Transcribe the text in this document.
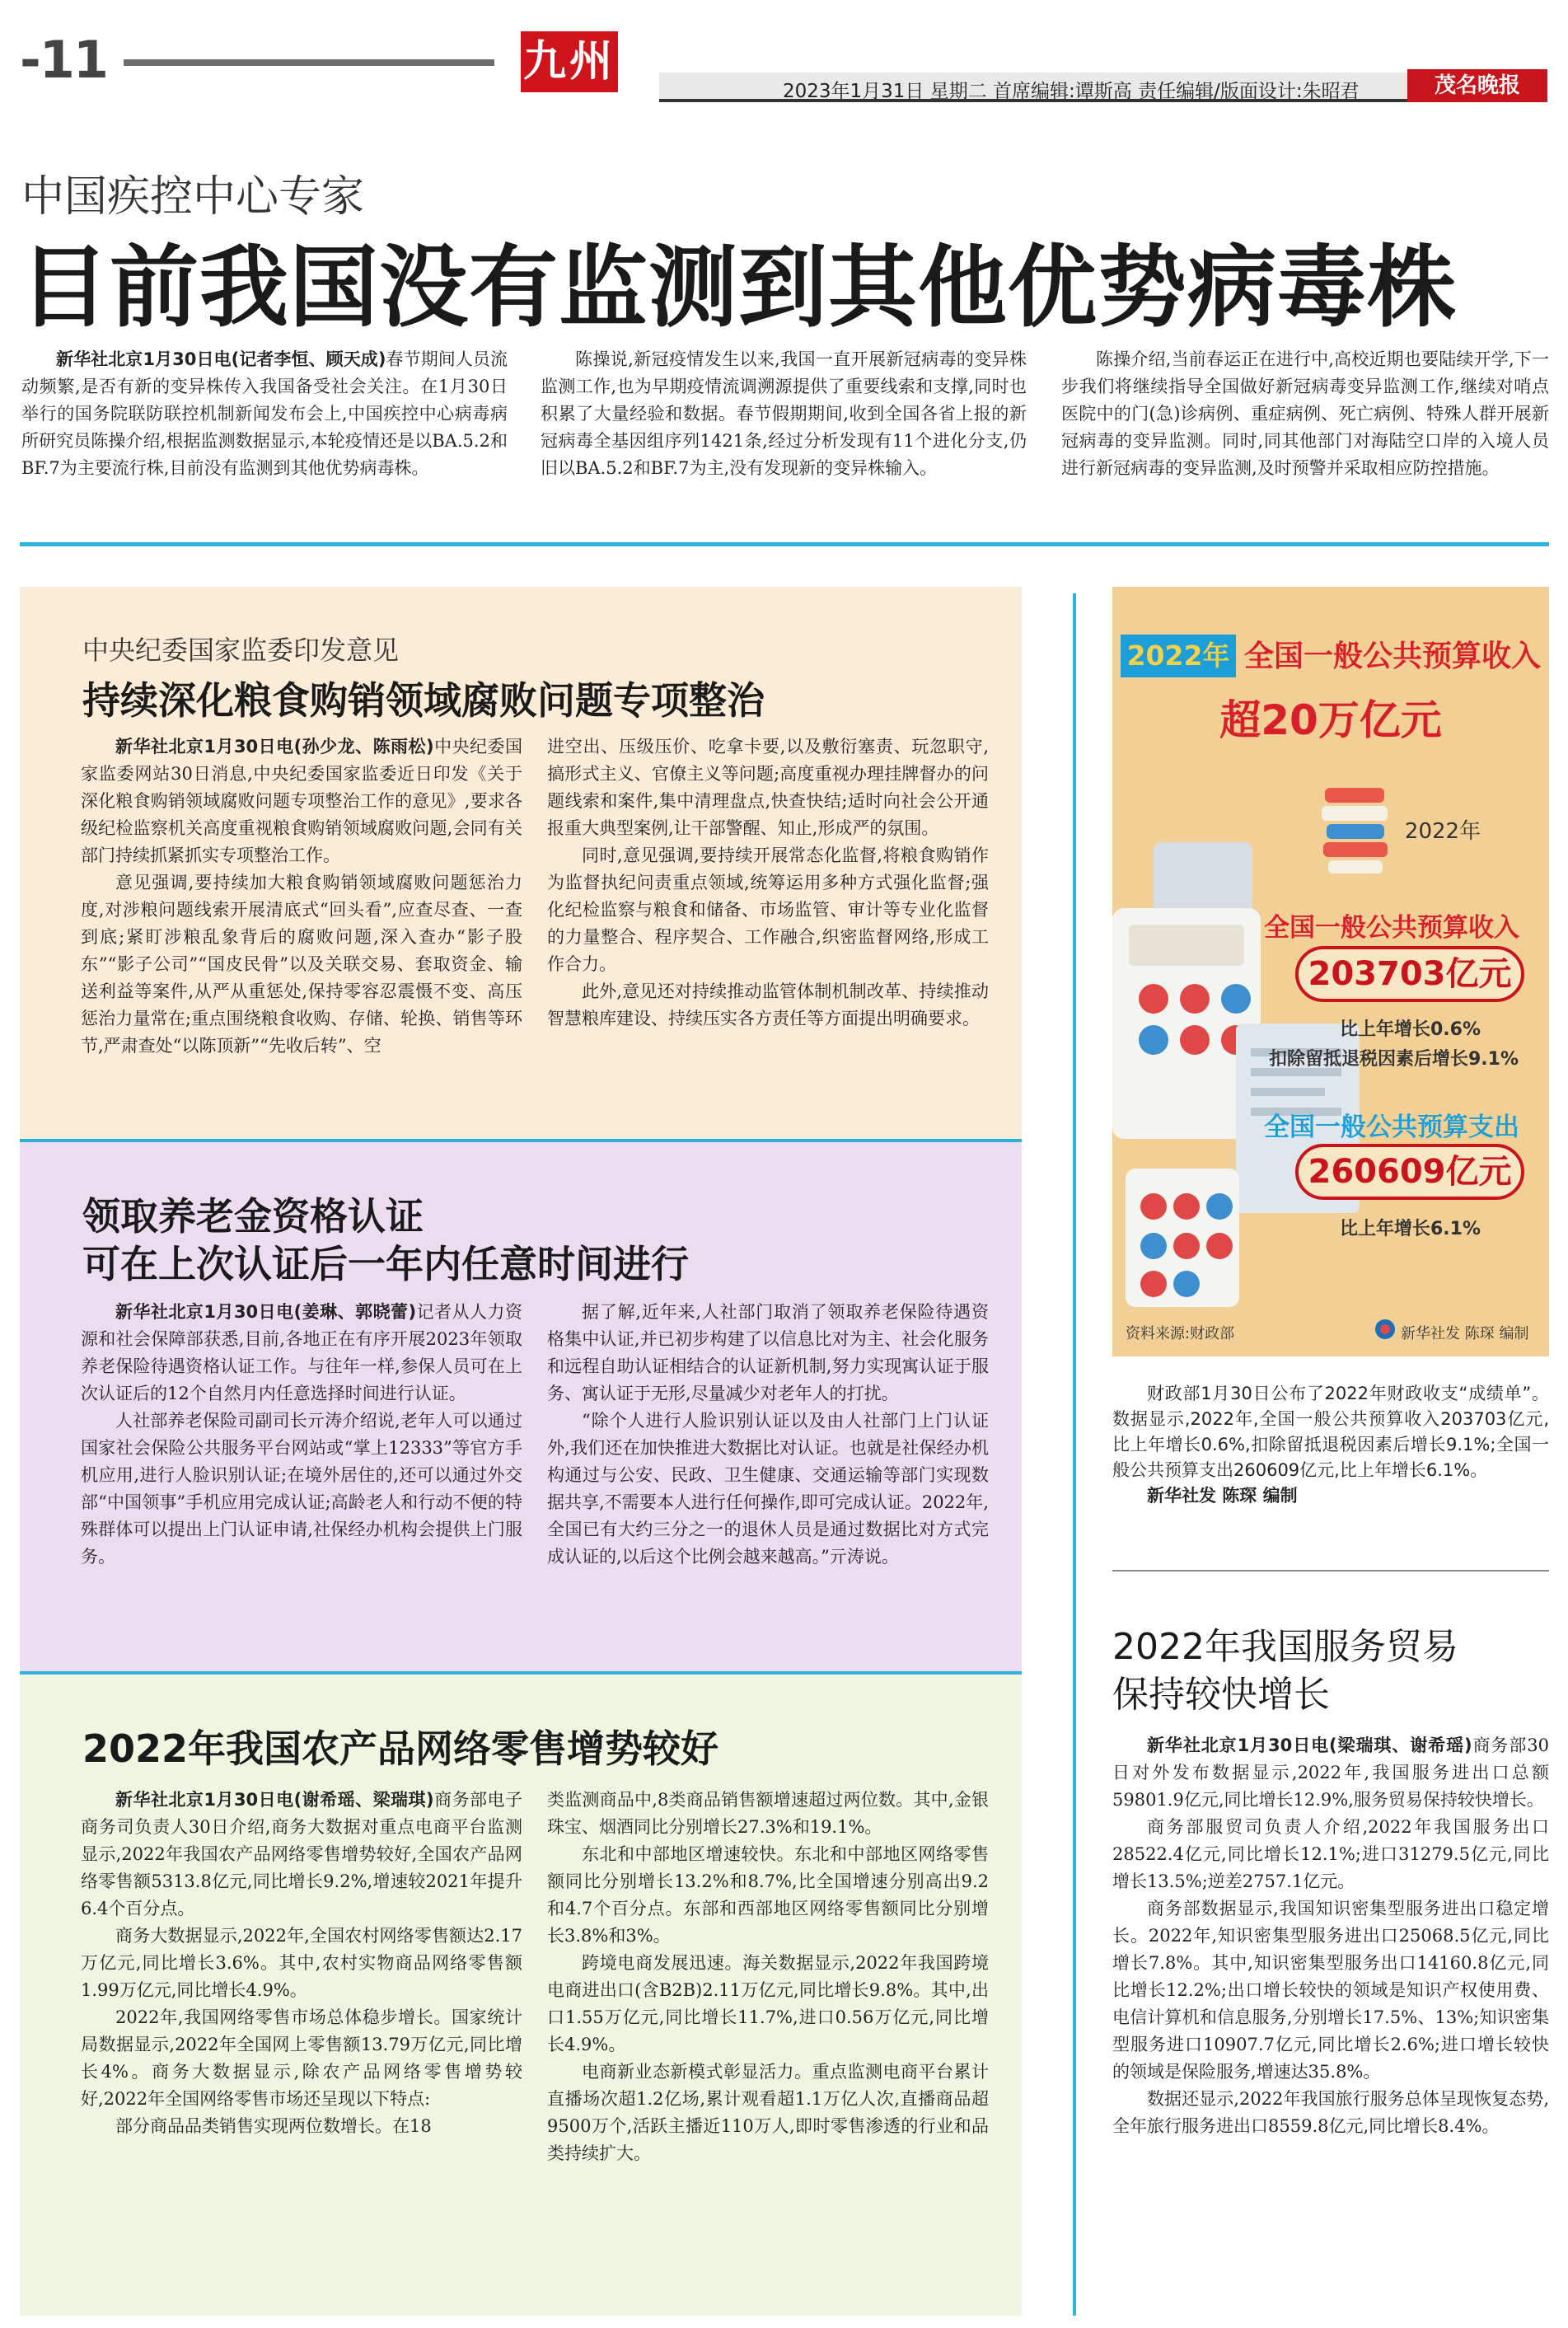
-11	九州
2023年1月31日 星期二 首席编辑:谭斯高 责任编辑/版面设计:朱昭君	茂名晚报
中国疾控中心专家
目前我国没有监测到其他优势病毒株

新华社北京1月30日电(记者李恒、顾天成)春节期间人员流动频繁,是否有新的变异株传入我国备受社会关注。在1月30日举行的国务院联防联控机制新闻发布会上,中国疾控中心病毒病所研究员陈操介绍,根据监测数据显示,本轮疫情还是以BA.5.2和BF.7为主要流行株,目前没有监测到其他优势病毒株。

陈操说,新冠疫情发生以来,我国一直开展新冠病毒的变异株监测工作,也为早期疫情流调溯源提供了重要线索和支撑,同时也积累了大量经验和数据。春节假期期间,收到全国各省上报的新冠病毒全基因组序列1421条,经过分析发现有11个进化分支,仍旧以BA.5.2和BF.7为主,没有发现新的变异株输入。

陈操介绍,当前春运正在进行中,高校近期也要陆续开学,下一步我们将继续指导全国做好新冠病毒变异监测工作,继续对哨点医院中的门(急)诊病例、重症病例、死亡病例、特殊人群开展新冠病毒的变异监测。同时,同其他部门对海陆空口岸的入境人员进行新冠病毒的变异监测,及时预警并采取相应防控措施。

中央纪委国家监委印发意见
持续深化粮食购销领域腐败问题专项整治

新华社北京1月30日电(孙少龙、陈雨松)中央纪委国家监委网站30日消息,中央纪委国家监委近日印发《关于深化粮食购销领域腐败问题专项整治工作的意见》,要求各级纪检监察机关高度重视粮食购销领域腐败问题,会同有关部门持续抓紧抓实专项整治工作。

意见强调,要持续加大粮食购销领域腐败问题惩治力度,对涉粮问题线索开展清底式“回头看”,应查尽查、一查到底;紧盯涉粮乱象背后的腐败问题,深入查办“影子股东”“影子公司”“国皮民骨”以及关联交易、套取资金、输送利益等案件,从严从重惩处,保持零容忍震慑不变、高压惩治力量常在;重点围绕粮食收购、存储、轮换、销售等环节,严肃查处“以陈顶新”“先收后转”、空

进空出、压级压价、吃拿卡要,以及敷衍塞责、玩忽职守,搞形式主义、官僚主义等问题;高度重视办理挂牌督办的问题线索和案件,集中清理盘点,快查快结;适时向社会公开通报重大典型案例,让干部警醒、知止,形成严的氛围。

同时,意见强调,要持续开展常态化监督,将粮食购销作为监督执纪问责重点领域,统筹运用多种方式强化监督;强化纪检监察与粮食和储备、市场监管、审计等专业化监督的力量整合、程序契合、工作融合,织密监督网络,形成工作合力。

此外,意见还对持续推动监管体制机制改革、持续推动智慧粮库建设、持续压实各方责任等方面提出明确要求。

领取养老金资格认证
可在上次认证后一年内任意时间进行

新华社北京1月30日电(姜琳、郭晓蕾)记者从人力资源和社会保障部获悉,目前,各地正在有序开展2023年领取养老保险待遇资格认证工作。与往年一样,参保人员可在上次认证后的12个自然月内任意选择时间进行认证。

人社部养老保险司副司长亓涛介绍说,老年人可以通过国家社会保险公共服务平台网站或“掌上12333”等官方手机应用,进行人脸识别认证;在境外居住的,还可以通过外交部“中国领事”手机应用完成认证;高龄老人和行动不便的特殊群体可以提出上门认证申请,社保经办机构会提供上门服务。

据了解,近年来,人社部门取消了领取养老保险待遇资格集中认证,并已初步构建了以信息比对为主、社会化服务和远程自助认证相结合的认证新机制,努力实现寓认证于服务、寓认证于无形,尽量减少对老年人的打扰。

“除个人进行人脸识别认证以及由人社部门上门认证外,我们还在加快推进大数据比对认证。也就是社保经办机构通过与公安、民政、卫生健康、交通运输等部门实现数据共享,不需要本人进行任何操作,即可完成认证。2022年,全国已有大约三分之一的退休人员是通过数据比对方式完成认证的,以后这个比例会越来越高。”亓涛说。

2022年我国农产品网络零售增势较好

新华社北京1月30日电(谢希瑶、梁瑞琪)商务部电子商务司负责人30日介绍,商务大数据对重点电商平台监测显示,2022年我国农产品网络零售增势较好,全国农产品网络零售额5313.8亿元,同比增长9.2%,增速较2021年提升6.4个百分点。

商务大数据显示,2022年,全国农村网络零售额达2.17万亿元,同比增长3.6%。其中,农村实物商品网络零售额1.99万亿元,同比增长4.9%。

2022年,我国网络零售市场总体稳步增长。国家统计局数据显示,2022年全国网上零售额13.79万亿元,同比增长4%。商务大数据显示,除农产品网络零售增势较好,2022年全国网络零售市场还呈现以下特点:

部分商品品类销售实现两位数增长。在18

类监测商品中,8类商品销售额增速超过两位数。其中,金银珠宝、烟酒同比分别增长27.3%和19.1%。

东北和中部地区增速较快。东北和中部地区网络零售额同比分别增长13.2%和8.7%,比全国增速分别高出9.2和4.7个百分点。东部和西部地区网络零售额同比分别增长3.8%和3%。

跨境电商发展迅速。海关数据显示,2022年我国跨境电商进出口(含B2B)2.11万亿元,同比增长9.8%。其中,出口1.55万亿元,同比增长11.7%,进口0.56万亿元,同比增长4.9%。

电商新业态新模式彰显活力。重点监测电商平台累计直播场次超1.2亿场,累计观看超1.1万亿人次,直播商品超9500万个,活跃主播近110万人,即时零售渗透的行业和品类持续扩大。

2022年 全国一般公共预算收入
超20万亿元
2022年
全国一般公共预算收入
203703亿元
比上年增长0.6%
扣除留抵退税因素后增长9.1%
全国一般公共预算支出
260609亿元
比上年增长6.1%
资料来源:财政部	新华社发 陈琛 编制

财政部1月30日公布了2022年财政收支“成绩单”。数据显示,2022年,全国一般公共预算收入203703亿元,比上年增长0.6%,扣除留抵退税因素后增长9.1%;全国一般公共预算支出260609亿元,比上年增长6.1%。

新华社发 陈琛 编制

2022年我国服务贸易
保持较快增长

新华社北京1月30日电(梁瑞琪、谢希瑶)商务部30日对外发布数据显示,2022年,我国服务进出口总额59801.9亿元,同比增长12.9%,服务贸易保持较快增长。

商务部服贸司负责人介绍,2022年我国服务出口28522.4亿元,同比增长12.1%;进口31279.5亿元,同比增长13.5%;逆差2757.1亿元。

商务部数据显示,我国知识密集型服务进出口稳定增长。2022年,知识密集型服务进出口25068.5亿元,同比增长7.8%。其中,知识密集型服务出口14160.8亿元,同比增长12.2%;出口增长较快的领域是知识产权使用费、电信计算机和信息服务,分别增长17.5%、13%;知识密集型服务进口10907.7亿元,同比增长2.6%;进口增长较快的领域是保险服务,增速达35.8%。

数据还显示,2022年我国旅行服务总体呈现恢复态势,全年旅行服务进出口8559.8亿元,同比增长8.4%。
